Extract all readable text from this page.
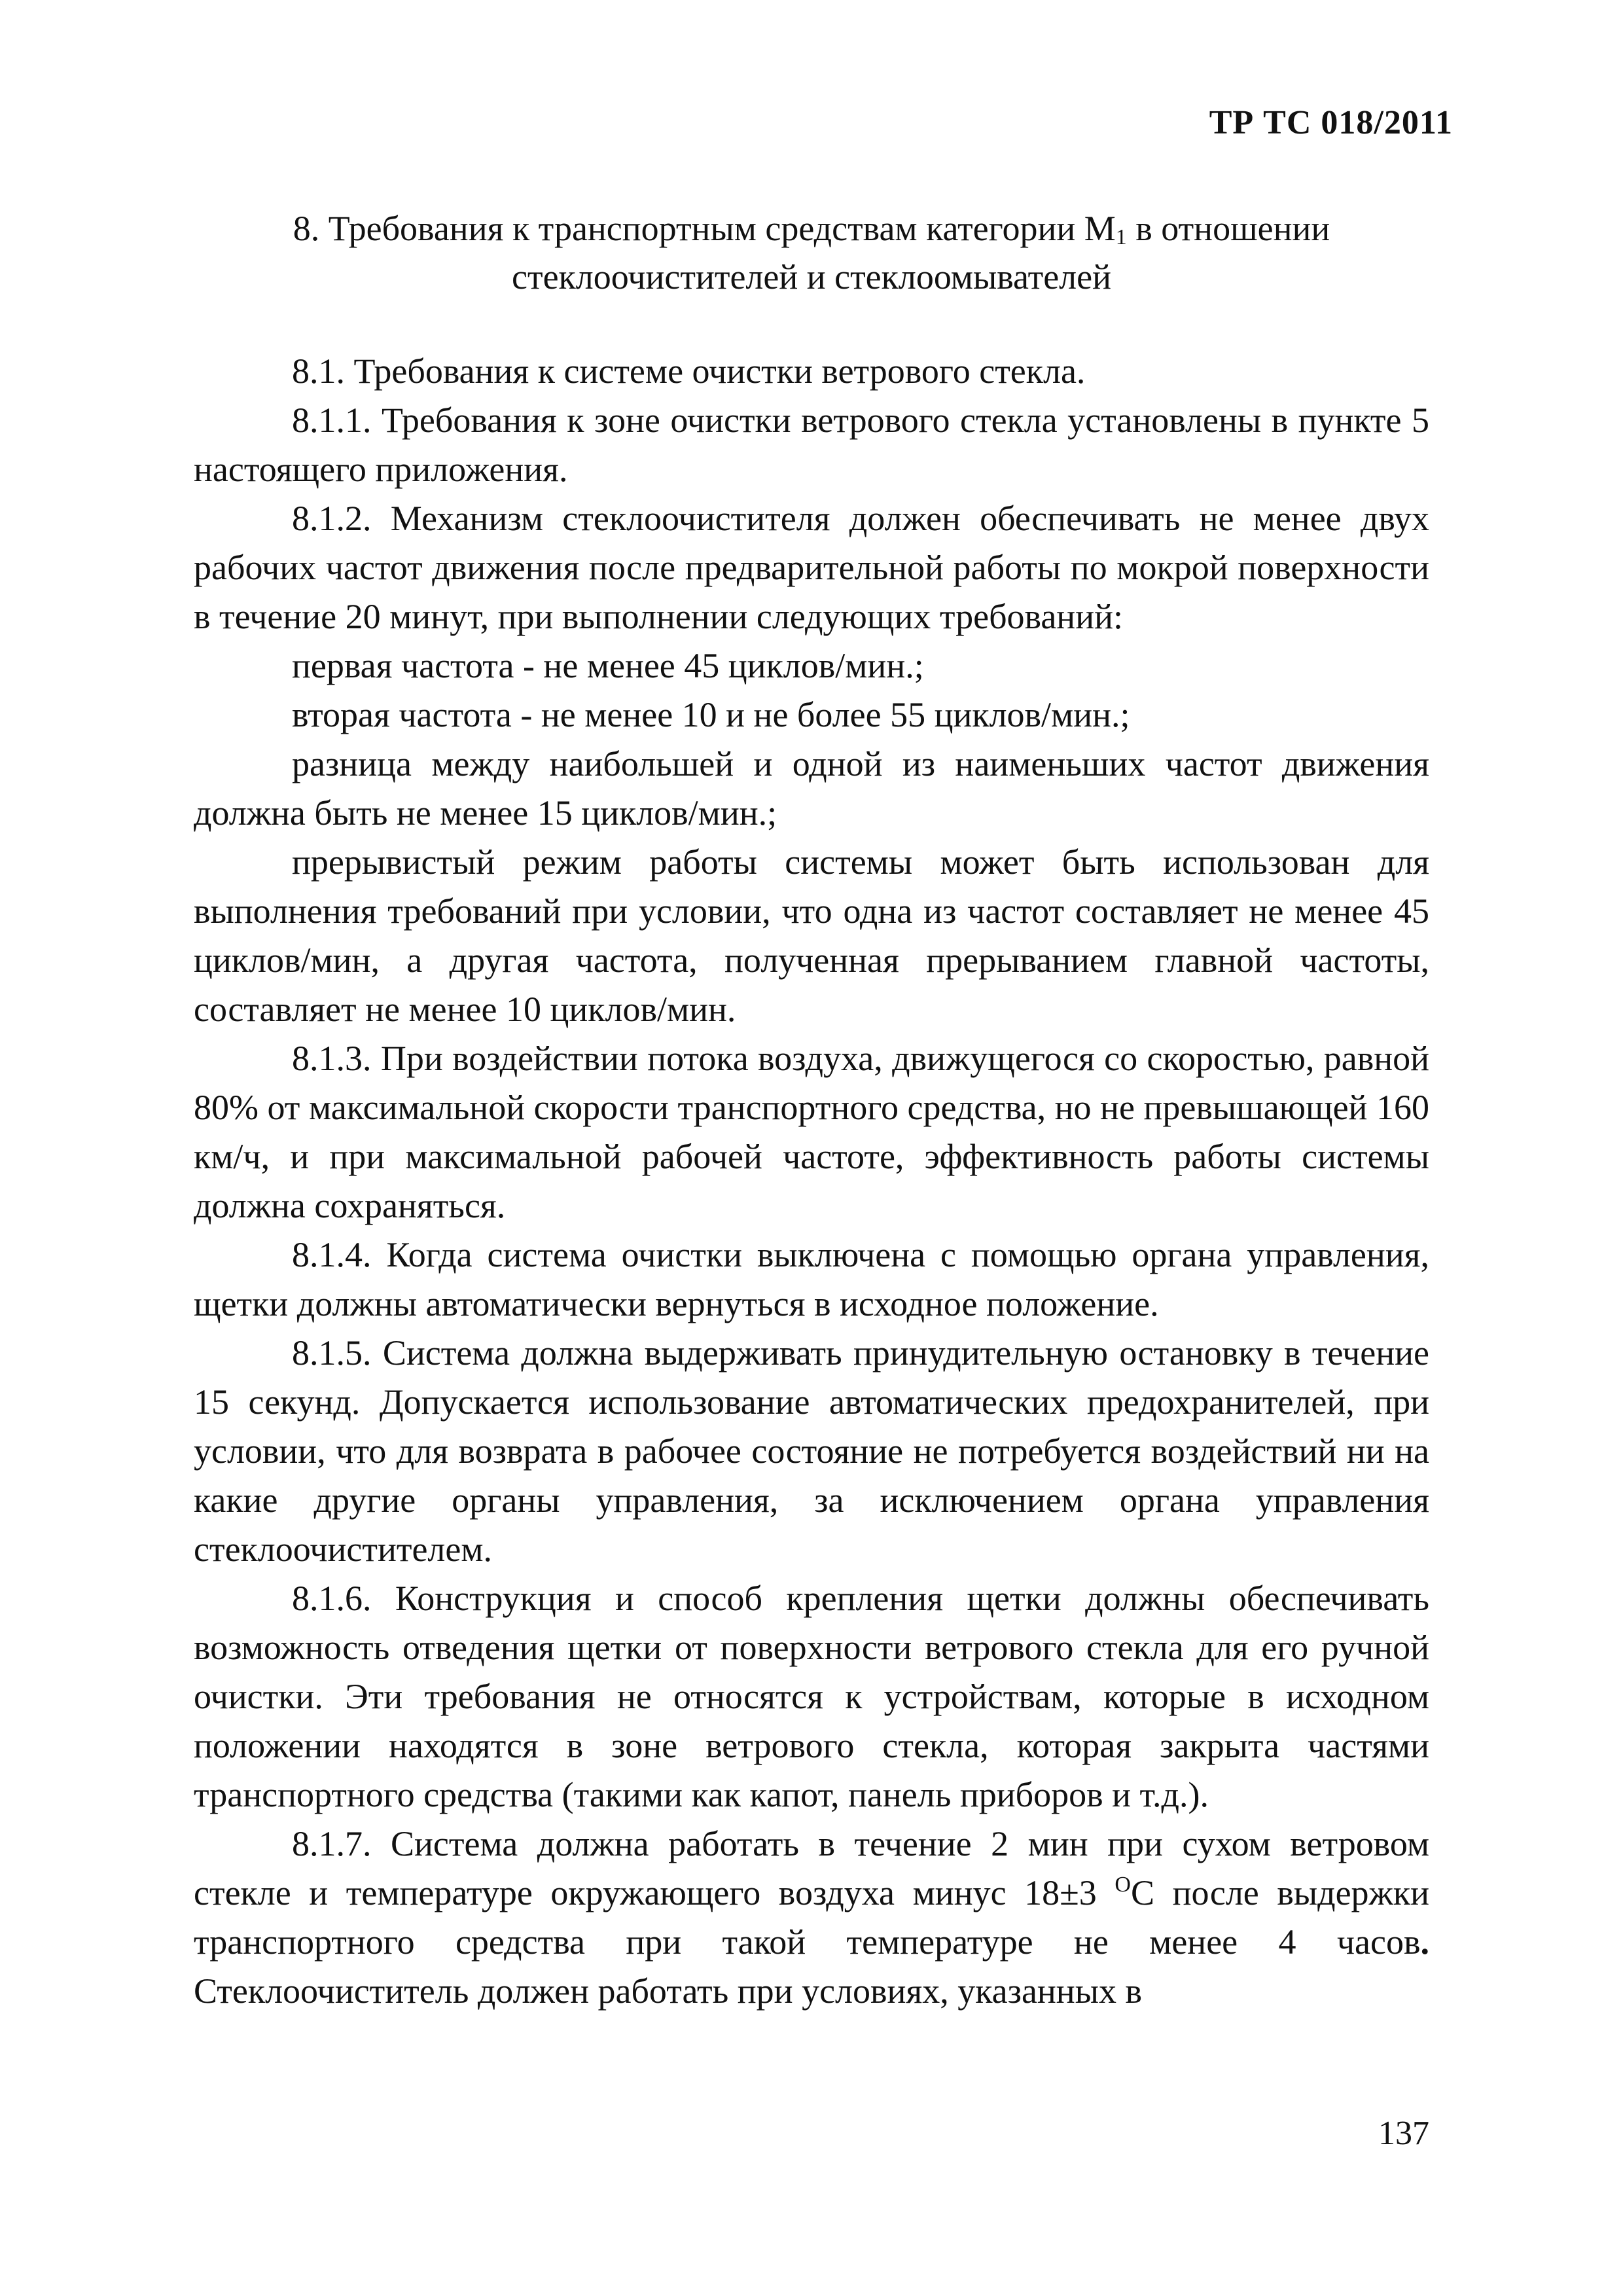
ТР ТС 018/2011
8. Требования к транспортным средствам категории $М_1$ в отношении
стеклоочистителей и стеклоомывателей

8.1. Требования к системе очистки ветрового стекла.

8.1.1. Требования к зоне очистки ветрового стекла установлены в пункте 5 настоящего приложения.

8.1.2. Механизм стеклоочистителя должен обеспечивать не менее двух рабочих частот движения после предварительной работы по мокрой поверхности в течение 20 минут, при выполнении следующих требований:

первая частота - не менее 45 циклов/мин.;

вторая частота - не менее 10 и не более 55 циклов/мин.;

разница между наибольшей и одной из наименьших частот движения должна быть не менее 15 циклов/мин.;

прерывистый режим работы системы может быть использован для выполнения требований при условии, что одна из частот составляет не менее 45 циклов/мин, а другая частота, полученная прерыванием главной частоты, составляет не менее 10 циклов/мин.

8.1.3. При воздействии потока воздуха, движущегося со скоростью, равной 80% от максимальной скорости транспортного средства, но не превышающей 160 км/ч, и при максимальной рабочей частоте, эффективность работы системы должна сохраняться.

8.1.4. Когда система очистки выключена с помощью органа управления, щетки должны автоматически вернуться в исходное положение.

8.1.5. Система должна выдерживать принудительную остановку в течение 15 секунд. Допускается использование автоматических предохранителей, при условии, что для возврата в рабочее состояние не потребуется воздействий ни на какие другие органы управления, за исключением органа управления стеклоочистителем.

8.1.6. Конструкция и способ крепления щетки должны обеспечивать возможность отведения щетки от поверхности ветрового стекла для его ручной очистки. Эти требования не относятся к устройствам, которые в исходном положении находятся в зоне ветрового стекла, которая закрыта частями транспортного средства (такими как капот, панель приборов и т.д.).

8.1.7. Система должна работать в течение 2 мин при сухом ветровом стекле и температуре окружающего воздуха минус 18±3 $^О$С после выдержки транспортного средства при такой температуре не менее 4 часов. Стеклоочиститель должен работать при условиях, указанных в

137
